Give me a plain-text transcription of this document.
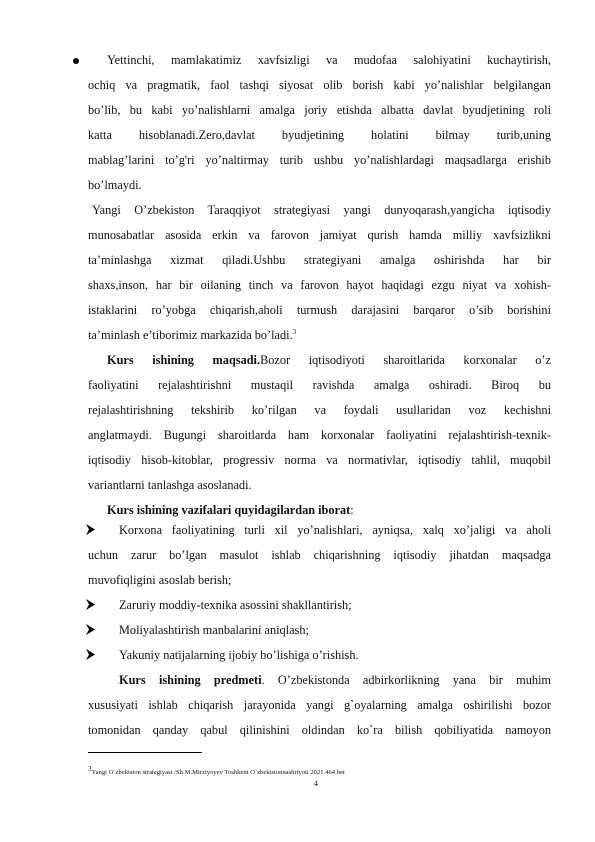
Yettinchi, mamlakatimiz xavfsizligi va mudofaa salohiyatini kuchaytirish,
ochiq va pragmatik, faol tashqi siyosat olib borish kabi yo’nalishlar belgilangan
bo’lib, bu kabi yo’nalishlarni amalga joriy etishda albatta davlat byudjetining roli
katta hisoblanadi.Zero,davlat byudjetining holatini bilmay turib,uning
mablag’larini to’g'ri yo’naltirmay turib ushbu yo’nalishlardagi maqsadlarga erishib
bo’lmaydi.
Yangi O’zbekiston Taraqqiyot strategiyasi yangi dunyoqarash,yangicha iqtisodiy
munosabatlar asosida erkin va farovon jamiyat qurish hamda milliy xavfsizlikni
ta’minlashga xizmat qiladi.Ushbu strategiyani amalga oshirishda har bir
shaxs,inson, har bir oilaning tinch va farovon hayot haqidagi ezgu niyat va xohish-
istaklarini ro’yobga chiqarish,aholi turmush darajasini barqaror o’sib borishini
ta’minlash e’tiborimiz markazida bo’ladi.$^3$
Kurs ishining maqsadi.Bozor iqtisodiyoti sharoitlarida korxonalar o’z
faoliyatini rejalashtirishni mustaqil ravishda amalga oshiradi. Biroq bu
rejalashtirishning tekshirib ko’rilgan va foydali usullaridan voz kechishni
anglatmaydi. Bugungi sharoitlarda ham korxonalar faoliyatini rejalashtirish-texnik-
iqtisodiy hisob-kitoblar, progressiv norma va normativlar, iqtisodiy tahlil, muqobil
variantlarni tanlashga asoslanadi.
Kurs ishining vazifalari quyidagilardan iborat:
Korxona faoliyatining turli xil yo’nalishlari, ayniqsa, xalq xo’jaligi va aholi
uchun zarur bo’lgan masulot ishlab chiqarishning iqtisodiy jihatdan maqsadga
muvofiqligini asoslab berish;
Zaruriy moddiy-texnika asossini shakllantirish;
Moliyalashtirish manbalarini aniqlash;
Yakuniy natijalarning ijobiy bo’lishiga o’rishish.
Kurs ishining predmeti. O’zbekistonda adbirkorlikning yana bir muhim
xususiyati ishlab chiqarish jarayonida yangi g`oyalarning amalga oshirilishi bozor
tomonidan qanday qabul qilinishini oldindan ko`ra bilish qobiliyatida namoyon
3Yangi O`zbekiston strategiyasi /Sh.M.Mirziyoyev Toshkent O`zbekistonnashriyoti 2021.464 bet
4
